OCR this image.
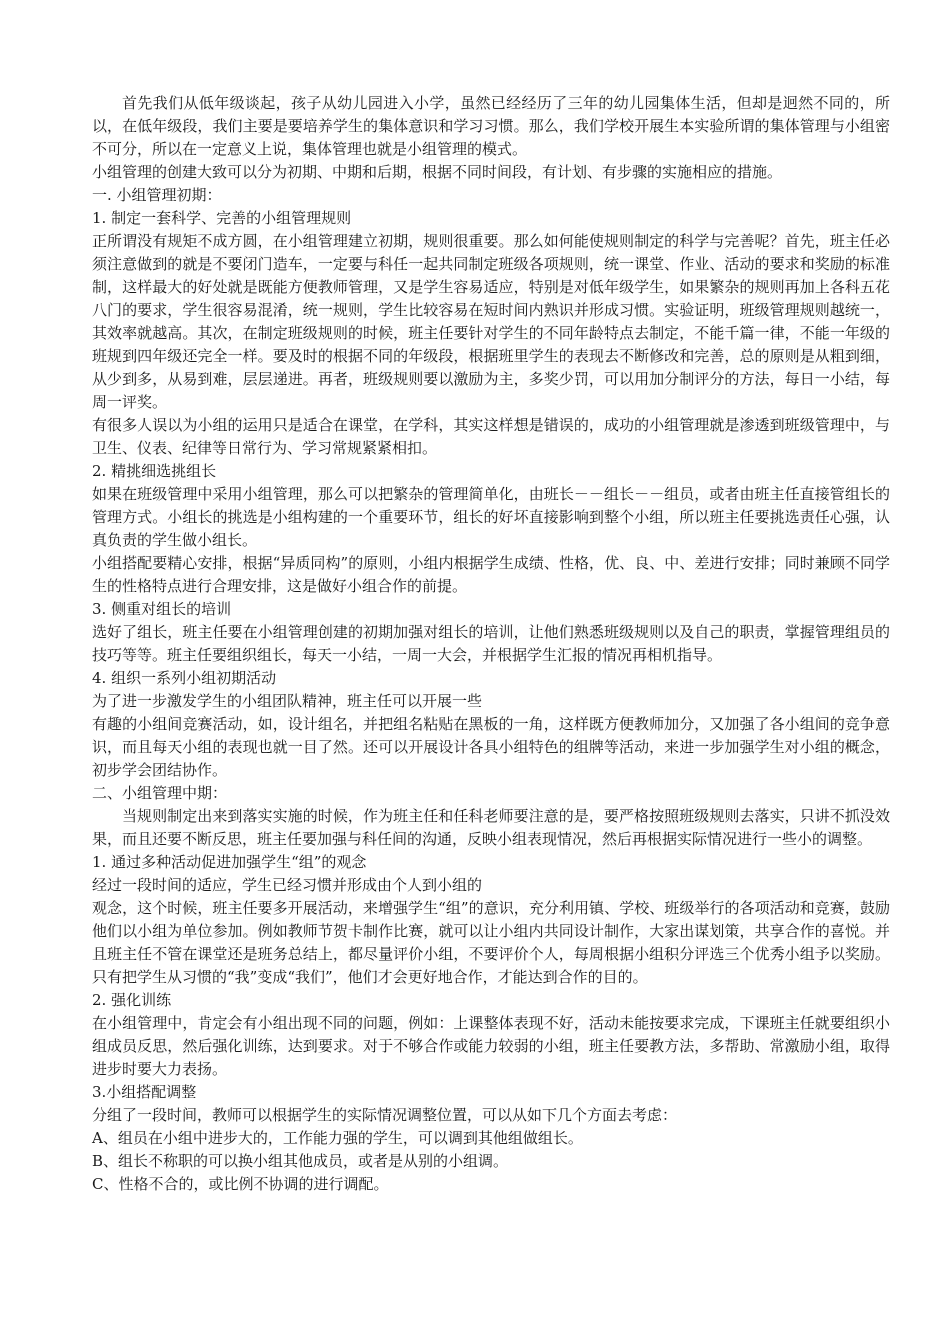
首先我们从低年级谈起，孩子从幼儿园进入小学，虽然已经经历了三年的幼儿园集体生活，但却是迥然不同的，所以，在低年级段，我们主要是要培养学生的集体意识和学习习惯。那么，我们学校开展生本实验所谓的集体管理与小组密不可分，所以在一定意义上说，集体管理也就是小组管理的模式。

小组管理的创建大致可以分为初期、中期和后期，根据不同时间段，有计划、有步骤的实施相应的措施。

一. 小组管理初期：

1. 制定一套科学、完善的小组管理规则

正所谓没有规矩不成方圆，在小组管理建立初期，规则很重要。那么如何能使规则制定的科学与完善呢？首先，班主任必须注意做到的就是不要闭门造车，一定要与科任一起共同制定班级各项规则，统一课堂、作业、活动的要求和奖励的标准制，这样最大的好处就是既能方便教师管理，又是学生容易适应，特别是对低年级学生，如果繁杂的规则再加上各科五花八门的要求，学生很容易混淆，统一规则，学生比较容易在短时间内熟识并形成习惯。实验证明，班级管理规则越统一，其效率就越高。其次，在制定班级规则的时候，班主任要针对学生的不同年龄特点去制定，不能千篇一律，不能一年级的班规到四年级还完全一样。要及时的根据不同的年级段，根据班里学生的表现去不断修改和完善，总的原则是从粗到细，从少到多，从易到难，层层递进。再者，班级规则要以激励为主，多奖少罚，可以用加分制评分的方法，每日一小结，每周一评奖。

有很多人误以为小组的运用只是适合在课堂，在学科，其实这样想是错误的，成功的小组管理就是渗透到班级管理中，与卫生、仪表、纪律等日常行为、学习常规紧紧相扣。

2. 精挑细选挑组长

如果在班级管理中采用小组管理，那么可以把繁杂的管理简单化，由班长－－组长－－组员，或者由班主任直接管组长的管理方式。小组长的挑选是小组构建的一个重要环节，组长的好坏直接影响到整个小组，所以班主任要挑选责任心强，认真负责的学生做小组长。

小组搭配要精心安排，根据“异质同构”的原则，小组内根据学生成绩、性格，优、良、中、差进行安排；同时兼顾不同学生的性格特点进行合理安排，这是做好小组合作的前提。

3. 侧重对组长的培训

选好了组长，班主任要在小组管理创建的初期加强对组长的培训，让他们熟悉班级规则以及自己的职责，掌握管理组员的技巧等等。班主任要组织组长，每天一小结，一周一大会，并根据学生汇报的情况再相机指导。

4. 组织一系列小组初期活动

为了进一步激发学生的小组团队精神，班主任可以开展一些

有趣的小组间竞赛活动，如，设计组名，并把组名粘贴在黑板的一角，这样既方便教师加分，又加强了各小组间的竞争意识，而且每天小组的表现也就一目了然。还可以开展设计各具小组特色的组牌等活动，来进一步加强学生对小组的概念，初步学会团结协作。

二、小组管理中期：

当规则制定出来到落实实施的时候，作为班主任和任科老师要注意的是，要严格按照班级规则去落实，只讲不抓没效果，而且还要不断反思，班主任要加强与科任间的沟通，反映小组表现情况，然后再根据实际情况进行一些小的调整。

1. 通过多种活动促进加强学生“组”的观念

经过一段时间的适应，学生已经习惯并形成由个人到小组的

观念，这个时候，班主任要多开展活动，来增强学生“组”的意识，充分利用镇、学校、班级举行的各项活动和竞赛，鼓励他们以小组为单位参加。例如教师节贺卡制作比赛，就可以让小组内共同设计制作，大家出谋划策，共享合作的喜悦。并且班主任不管在课堂还是班务总结上，都尽量评价小组，不要评价个人，每周根据小组积分评选三个优秀小组予以奖励。只有把学生从习惯的“我”变成“我们”，他们才会更好地合作，才能达到合作的目的。

2. 强化训练

在小组管理中，肯定会有小组出现不同的问题，例如：上课整体表现不好，活动未能按要求完成，下课班主任就要组织小组成员反思，然后强化训练，达到要求。对于不够合作或能力较弱的小组，班主任要教方法，多帮助、常激励小组，取得进步时要大力表扬。

3.小组搭配调整

分组了一段时间，教师可以根据学生的实际情况调整位置，可以从如下几个方面去考虑：

A、组员在小组中进步大的，工作能力强的学生，可以调到其他组做组长。

B、组长不称职的可以换小组其他成员，或者是从别的小组调。

C、性格不合的，或比例不协调的进行调配。
